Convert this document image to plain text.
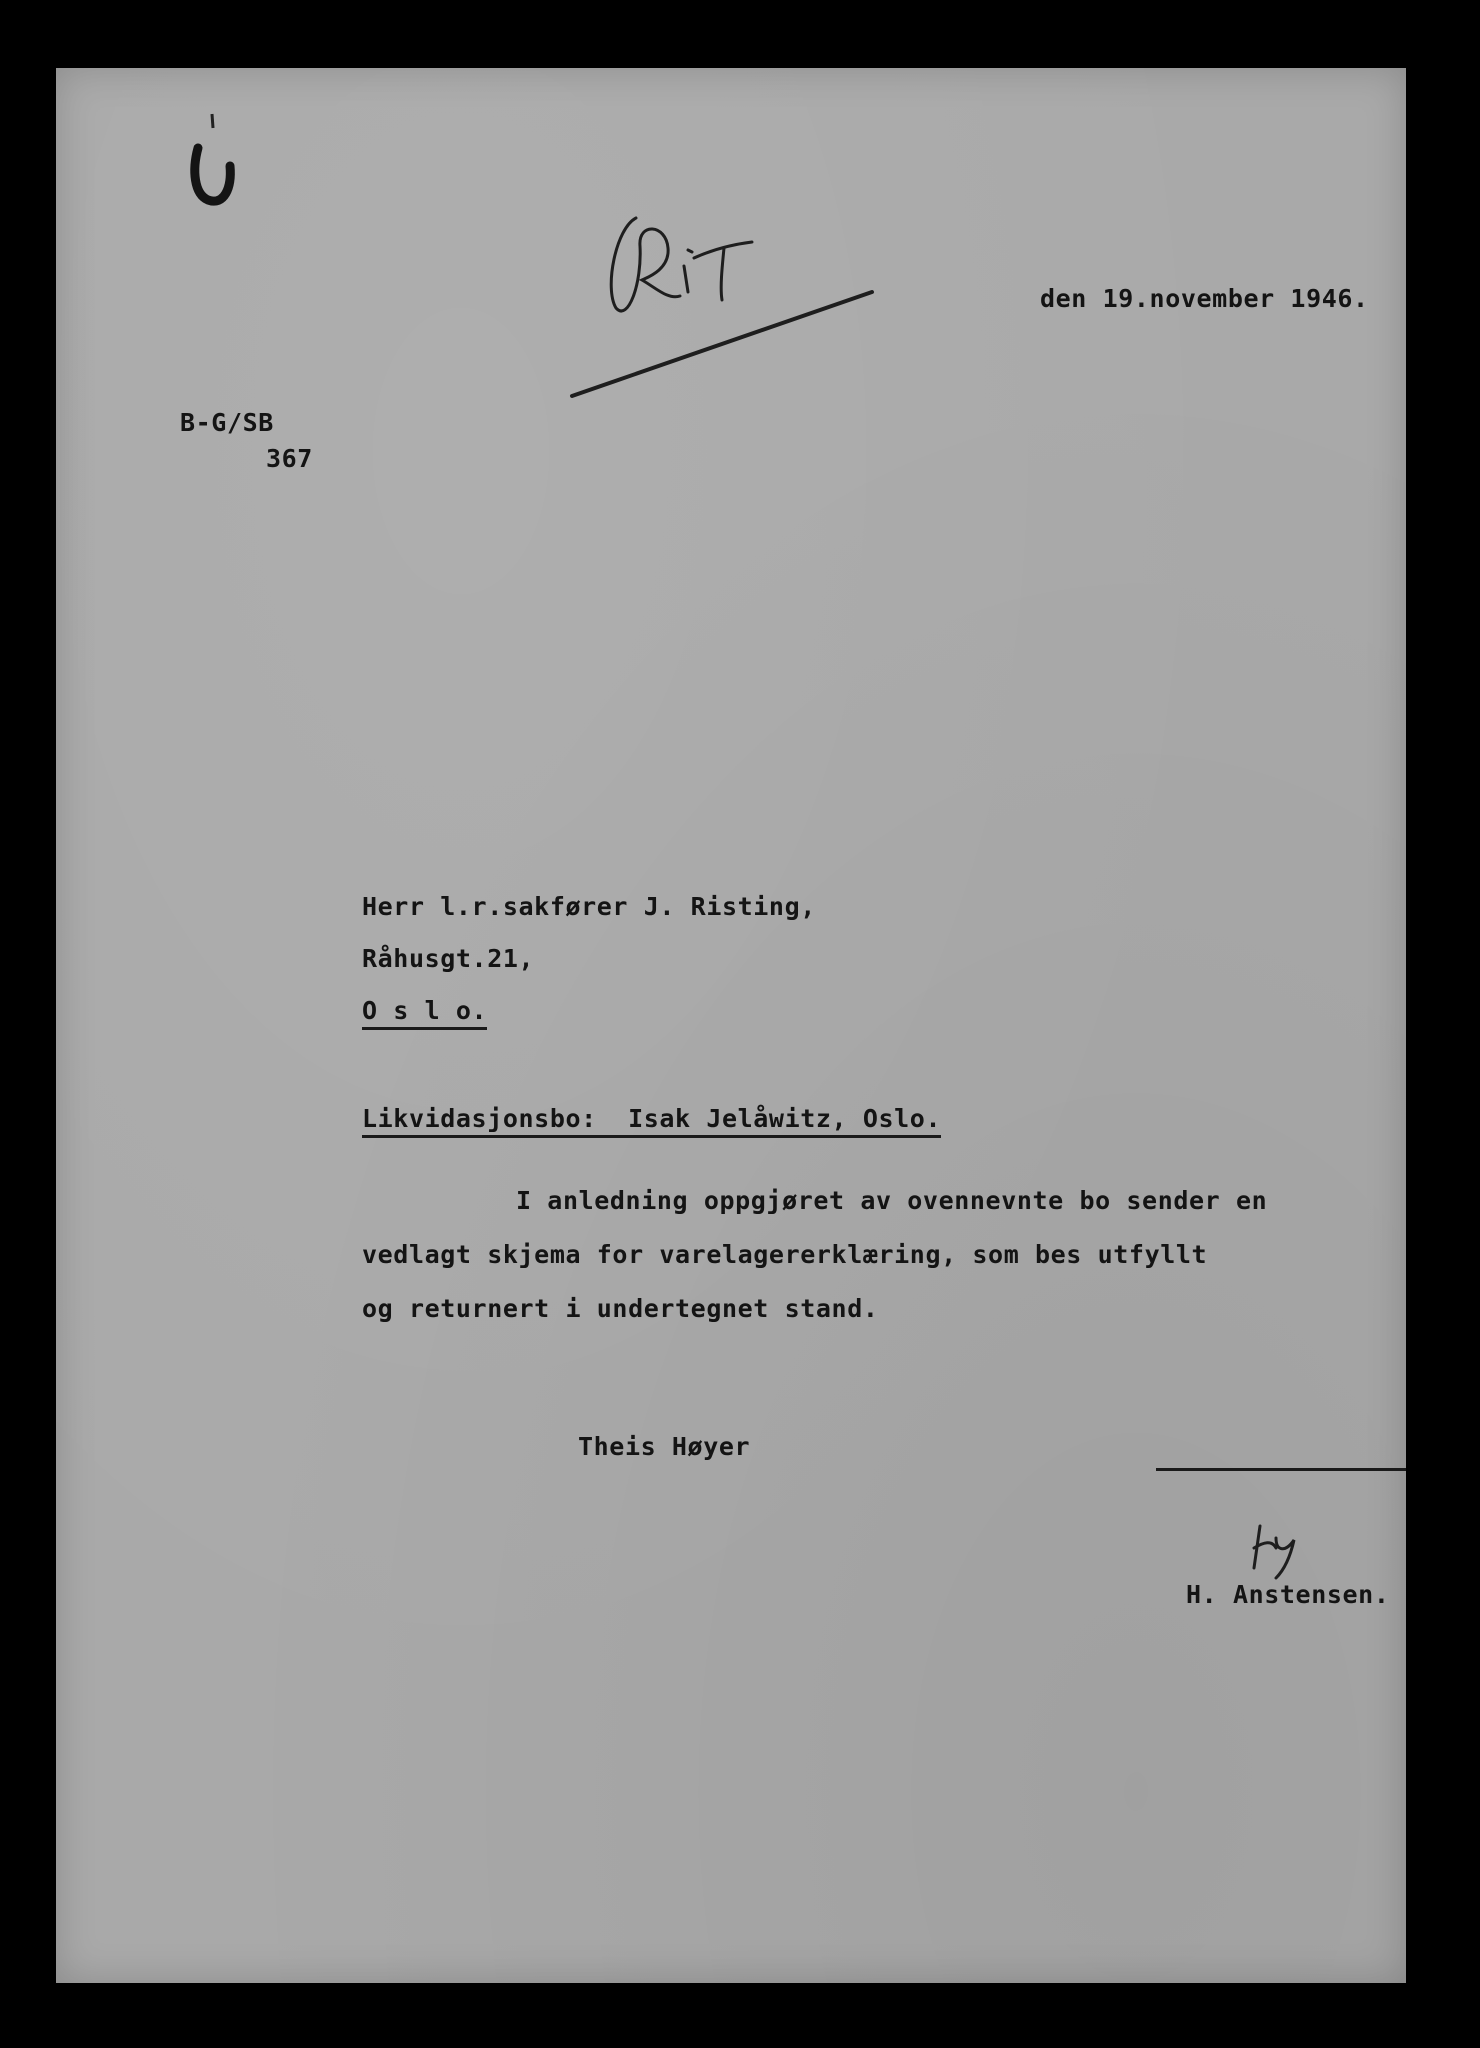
den 19.november 1946.
B-G/SB
367
Herr l.r.sakfører J. Risting,
Råhusgt.21,
O s l o.
Likvidasjonsbo:  Isak Jelåwitz, Oslo.
I anledning oppgjøret av ovennevnte bo sender en
vedlagt skjema for varelagererklæring, som bes utfyllt
og returnert i undertegnet stand.
Theis Høyer
H. Anstensen.
